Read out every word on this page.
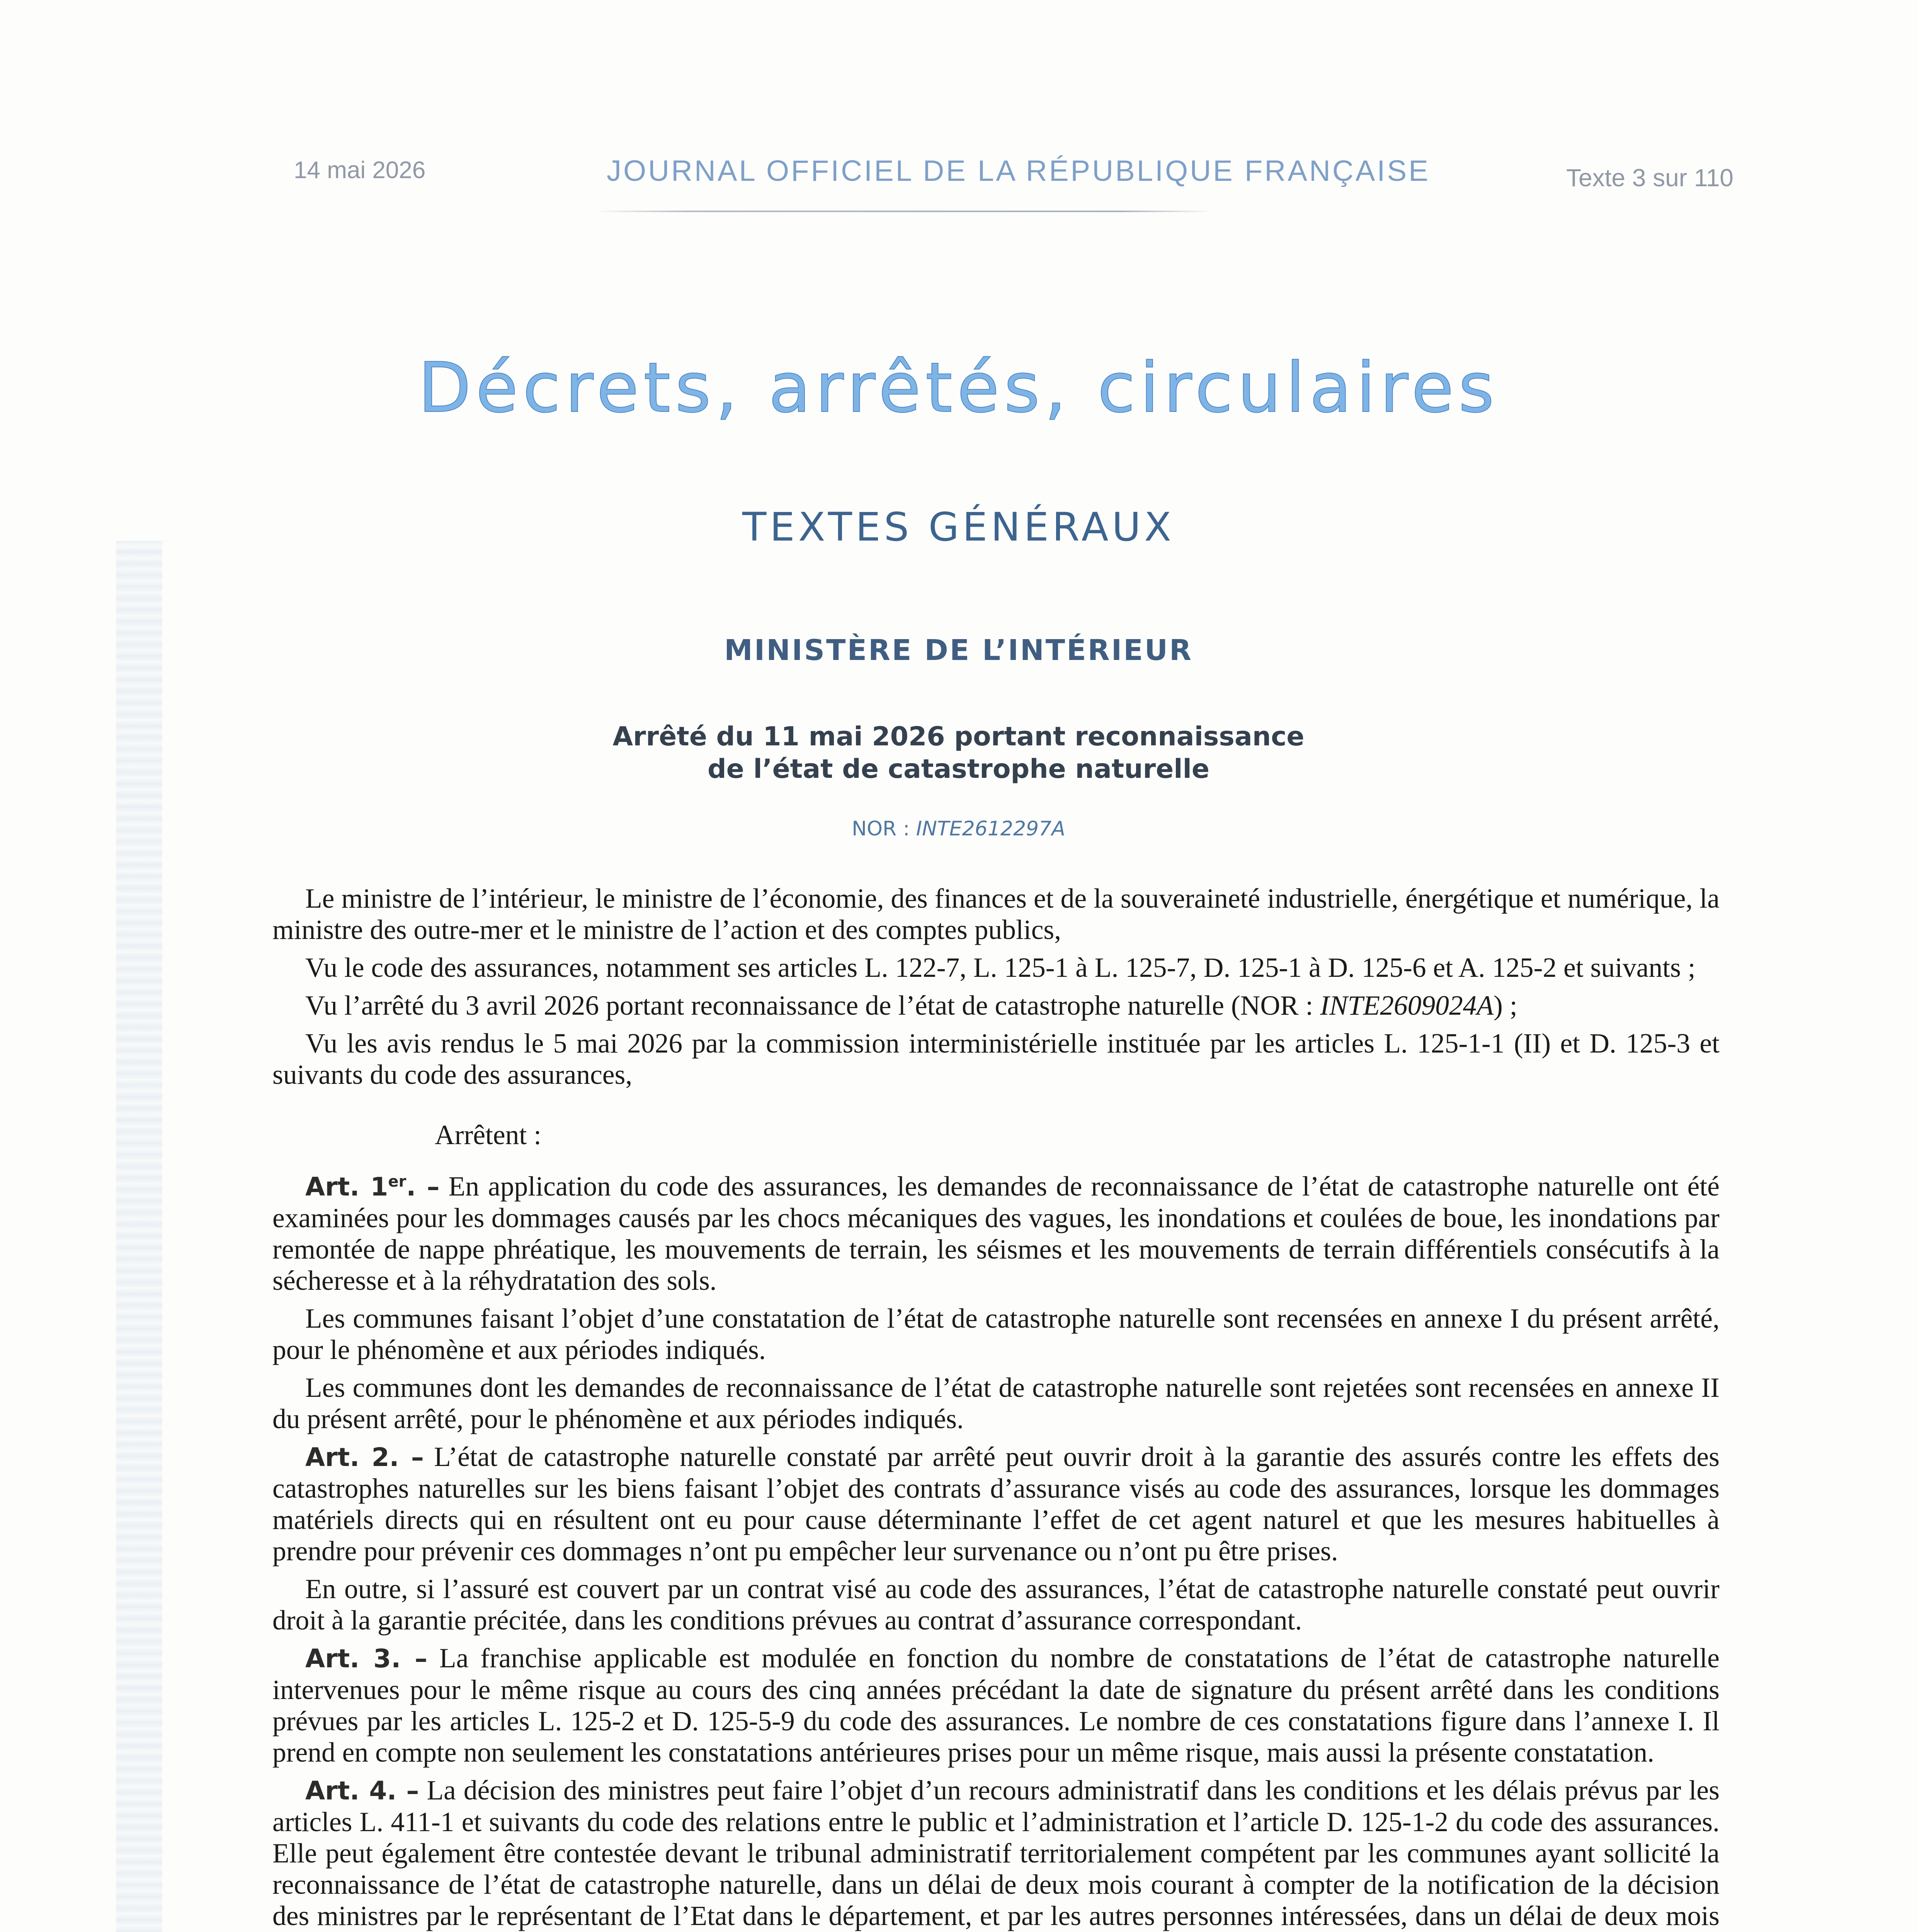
14 mai 2026	JOURNAL OFFICIEL DE LA RÉPUBLIQUE FRANÇAISE	Texte 3 sur 110
Décrets, arrêtés, circulaires
TEXTES GÉNÉRAUX
MINISTÈRE DE L’INTÉRIEUR
Arrêté du 11 mai 2026 portant reconnaissance
de l’état de catastrophe naturelle
NOR : INTE2612297A

Le ministre de l’intérieur, le ministre de l’économie, des finances et de la souveraineté industrielle, énergétique et numérique, la ministre des outre-mer et le ministre de l’action et des comptes publics,

Vu le code des assurances, notamment ses articles L. 122-7, L. 125-1 à L. 125-7, D. 125-1 à D. 125-6 et A. 125-2 et suivants ;

Vu l’arrêté du 3 avril 2026 portant reconnaissance de l’état de catastrophe naturelle (NOR : INTE2609024A) ;

Vu les avis rendus le 5 mai 2026 par la commission interministérielle instituée par les articles L. 125-1-1 (II) et D. 125-3 et suivants du code des assurances,

Arrêtent :

Art. 1er. – En application du code des assurances, les demandes de reconnaissance de l’état de catastrophe naturelle ont été examinées pour les dommages causés par les chocs mécaniques des vagues, les inondations et coulées de boue, les inondations par remontée de nappe phréatique, les mouvements de terrain, les séismes et les mouvements de terrain différentiels consécutifs à la sécheresse et à la réhydratation des sols.

Les communes faisant l’objet d’une constatation de l’état de catastrophe naturelle sont recensées en annexe I du présent arrêté, pour le phénomène et aux périodes indiqués.

Les communes dont les demandes de reconnaissance de l’état de catastrophe naturelle sont rejetées sont recensées en annexe II du présent arrêté, pour le phénomène et aux périodes indiqués.

Art. 2. – L’état de catastrophe naturelle constaté par arrêté peut ouvrir droit à la garantie des assurés contre les effets des catastrophes naturelles sur les biens faisant l’objet des contrats d’assurance visés au code des assurances, lorsque les dommages matériels directs qui en résultent ont eu pour cause déterminante l’effet de cet agent naturel et que les mesures habituelles à prendre pour prévenir ces dommages n’ont pu empêcher leur survenance ou n’ont pu être prises.

En outre, si l’assuré est couvert par un contrat visé au code des assurances, l’état de catastrophe naturelle constaté peut ouvrir droit à la garantie précitée, dans les conditions prévues au contrat d’assurance correspondant.

Art. 3. – La franchise applicable est modulée en fonction du nombre de constatations de l’état de catastrophe naturelle intervenues pour le même risque au cours des cinq années précédant la date de signature du présent arrêté dans les conditions prévues par les articles L. 125-2 et D. 125-5-9 du code des assurances. Le nombre de ces constatations figure dans l’annexe I. Il prend en compte non seulement les constatations antérieures prises pour un même risque, mais aussi la présente constatation.

Art. 4. – La décision des ministres peut faire l’objet d’un recours administratif dans les conditions et les délais prévus par les articles L. 411-1 et suivants du code des relations entre le public et l’administration et l’article D. 125-1-2 du code des assurances. Elle peut également être contestée devant le tribunal administratif territorialement compétent par les communes ayant sollicité la reconnaissance de l’état de catastrophe naturelle, dans un délai de deux mois courant à compter de la notification de la décision des ministres par le représentant de l’Etat dans le département, et par les autres personnes intéressées, dans un délai de deux mois
